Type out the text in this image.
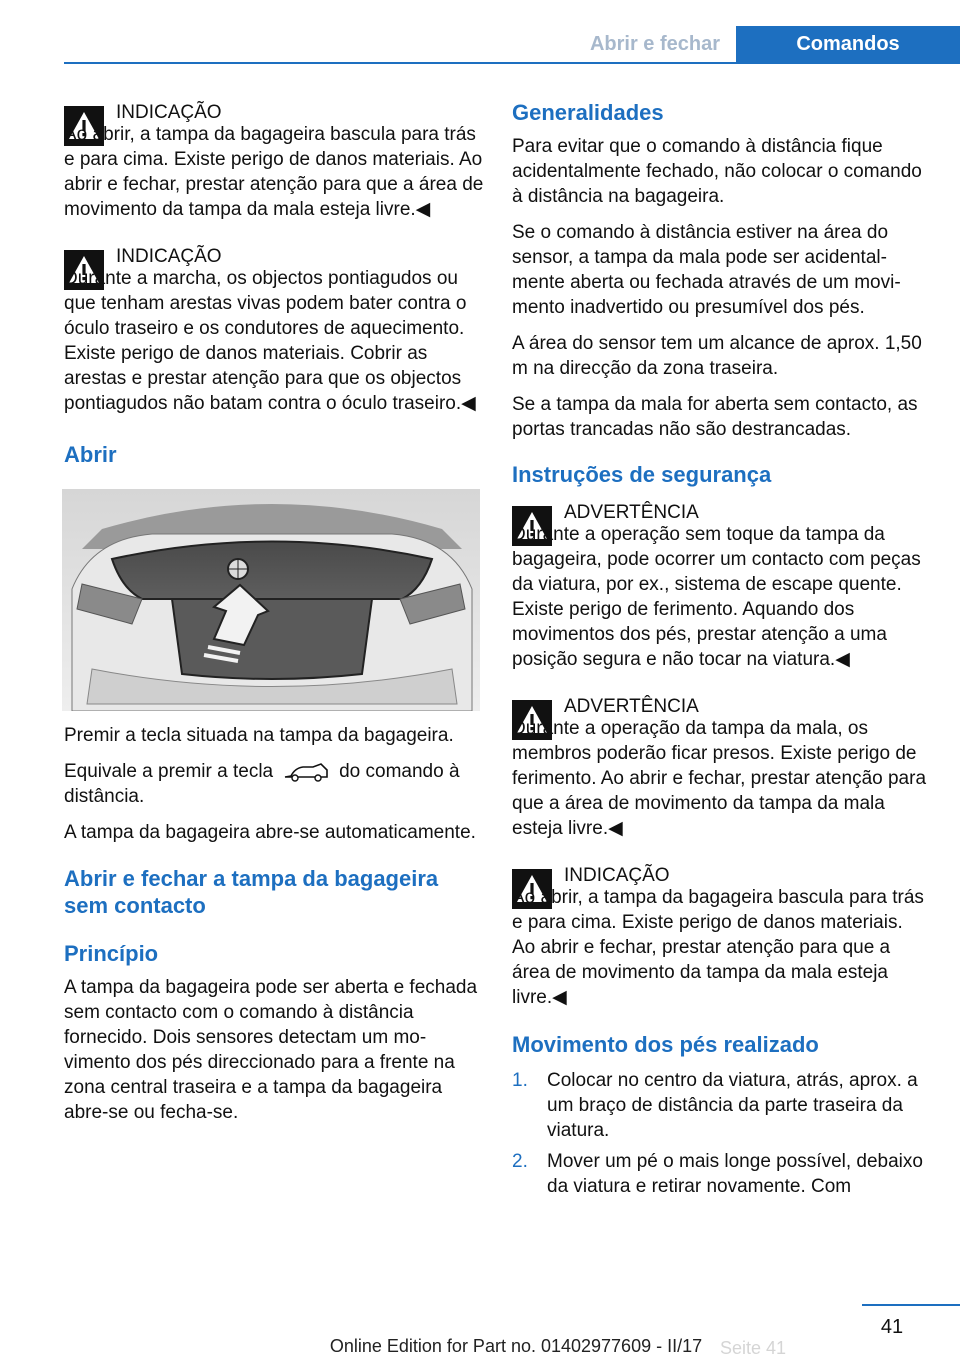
Abrir e fechar	Comandos
INDICAÇÃO
Ao abrir, a tampa da bagageira bascula para trás e para cima. Existe perigo de danos materiais. Ao abrir e fechar, prestar atenção para que a área de movimento da tampa da mala esteja livre.◀
INDICAÇÃO
Durante a marcha, os objectos pontiagudos ou que tenham arestas vivas podem bater contra o óculo traseiro e os condutores de aquecimento. Existe perigo de danos materiais. Cobrir as arestas e prestar atenção para que os objectos pontiagudos não batam contra o óculo traseiro.◀
Abrir

Premir a tecla situada na tampa da bagageira.

Equivale a premir a tecla	do comando à distância.

A tampa da bagageira abre-se automaticamente.

Abrir e fechar a tampa da bagageira sem contacto
Princípio

A tampa da bagageira pode ser aberta e fechada sem contacto com o comando à distância fornecido. Dois sensores detectam um movimento dos pés direccionado para a frente na zona central traseira e a tampa da bagageira abre-se ou fecha-se.

Generalidades

Para evitar que o comando à distância fique acidentalmente fechado, não colocar o comando à distância na bagageira.

Se o comando à distância estiver na área do sensor, a tampa da mala pode ser acidentalmente aberta ou fechada através de um movimento inadvertido ou presumível dos pés.

A área do sensor tem um alcance de aprox. 1,50 m na direcção da zona traseira.

Se a tampa da mala for aberta sem contacto, as portas trancadas não são destrancadas.

Instruções de segurança
ADVERTÊNCIA
Durante a operação sem toque da tampa da bagageira, pode ocorrer um contacto com peças da viatura, por ex., sistema de escape quente. Existe perigo de ferimento. Aquando dos movimentos dos pés, prestar atenção a uma posição segura e não tocar na viatura.◀
ADVERTÊNCIA
Durante a operação da tampa da mala, os membros poderão ficar presos. Existe perigo de ferimento. Ao abrir e fechar, prestar atenção para que a área de movimento da tampa da mala esteja livre.◀
INDICAÇÃO
Ao abrir, a tampa da bagageira bascula para trás e para cima. Existe perigo de danos materiais. Ao abrir e fechar, prestar atenção para que a área de movimento da tampa da mala esteja livre.◀
Movimento dos pés realizado
1.	Colocar no centro da viatura, atrás, aprox. a um braço de distância da parte traseira da viatura.
2.	Mover um pé o mais longe possível, debaixo da viatura e retirar novamente. Com
41
Online Edition for Part no. 01402977609 - II/17 Seite 41
